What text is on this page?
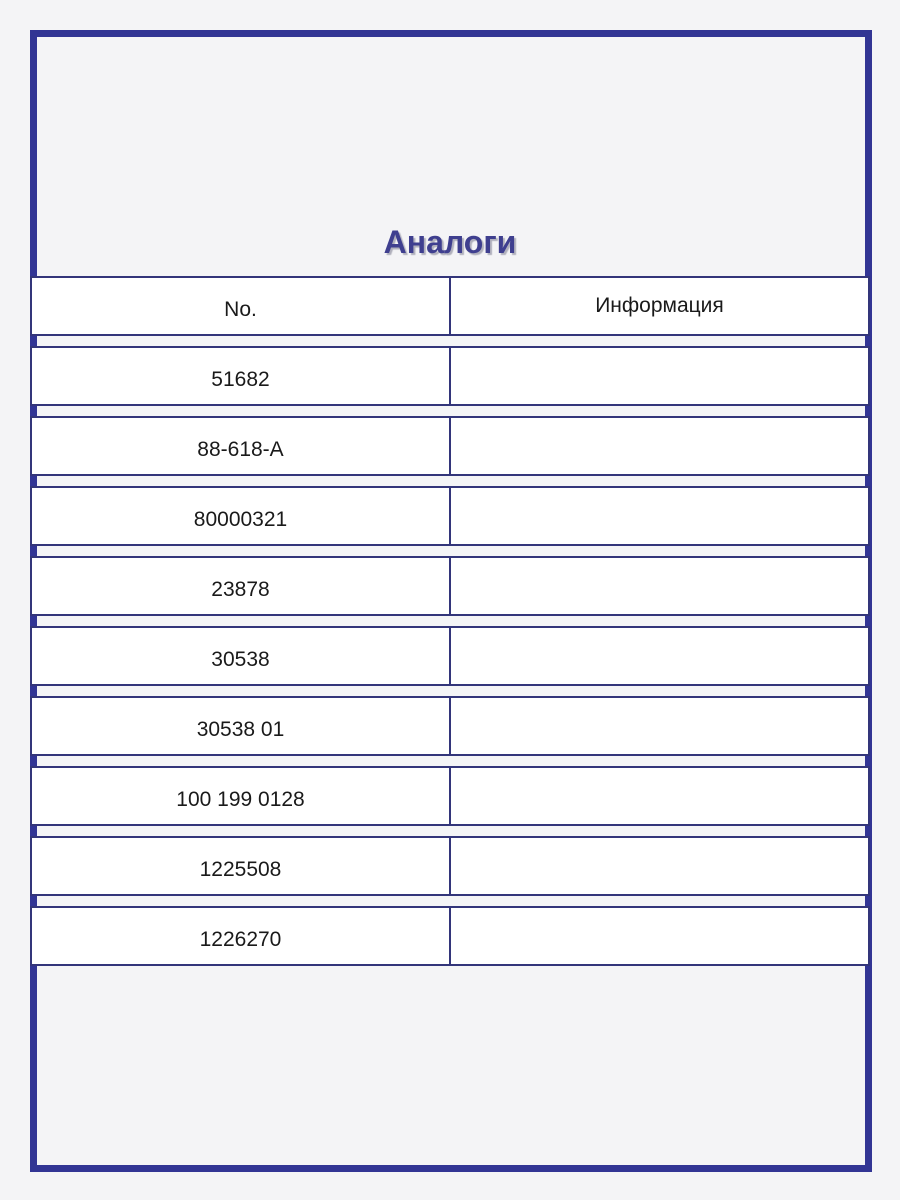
Аналоги
No.	Информация
51682
88-618-A
80000321
23878
30538
30538 01
100 199 0128
1225508
1226270
